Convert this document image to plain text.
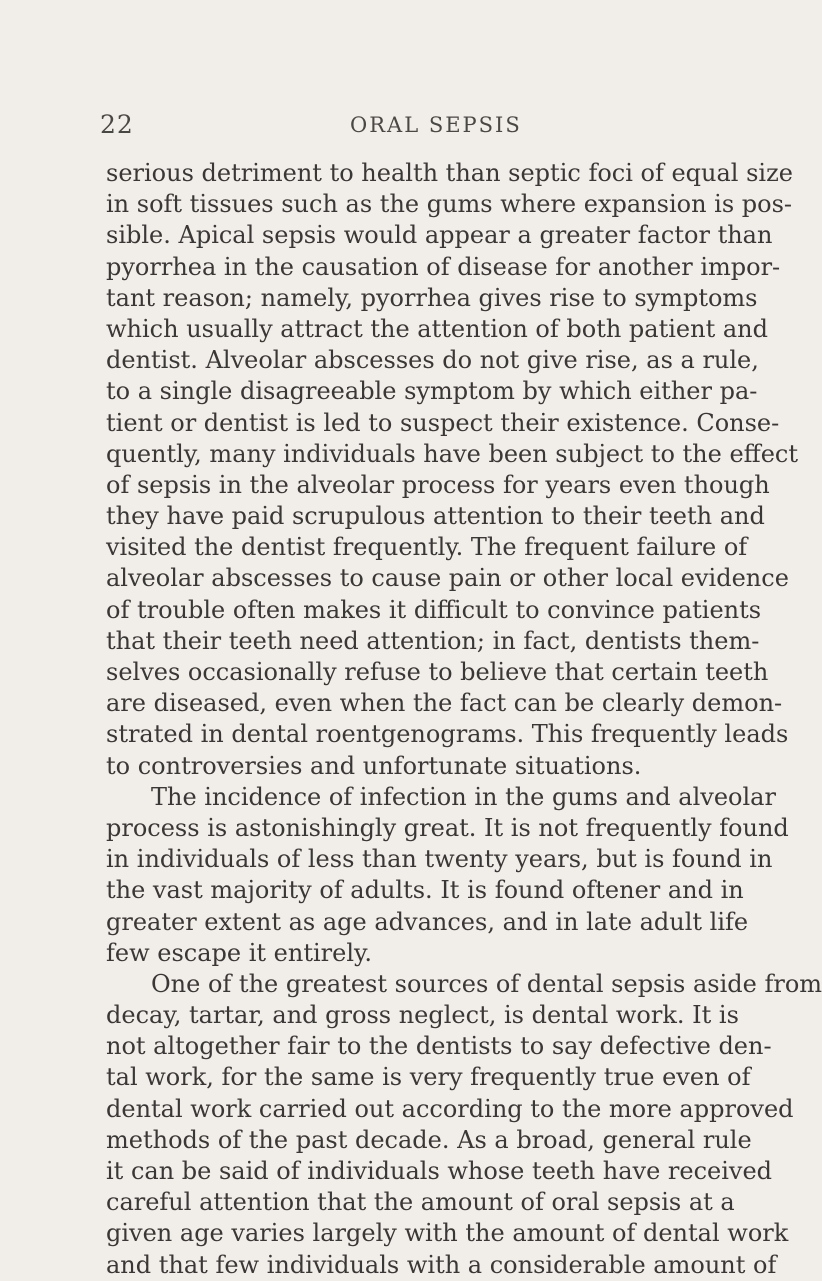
22	ORAL SEPSIS
serious detriment to health than septic foci of equal size
in soft tissues such as the gums where expansion is pos-
sible. Apical sepsis would appear a greater factor than
pyorrhea in the causation of disease for another impor-
tant reason; namely, pyorrhea gives rise to symptoms
which usually attract the attention of both patient and
dentist. Alveolar abscesses do not give rise, as a rule,
to a single disagreeable symptom by which either pa-
tient or dentist is led to suspect their existence. Conse-
quently, many individuals have been subject to the effect
of sepsis in the alveolar process for years even though
they have paid scrupulous attention to their teeth and
visited the dentist frequently. The frequent failure of
alveolar abscesses to cause pain or other local evidence
of trouble often makes it difficult to convince patients
that their teeth need attention; in fact, dentists them-
selves occasionally refuse to believe that certain teeth
are diseased, even when the fact can be clearly demon-
strated in dental roentgenograms. This frequently leads
to controversies and unfortunate situations.
The incidence of infection in the gums and alveolar
process is astonishingly great. It is not frequently found
in individuals of less than twenty years, but is found in
the vast majority of adults. It is found oftener and in
greater extent as age advances, and in late adult life
few escape it entirely.
One of the greatest sources of dental sepsis aside from
decay, tartar, and gross neglect, is dental work. It is
not altogether fair to the dentists to say defective den-
tal work, for the same is very frequently true even of
dental work carried out according to the more approved
methods of the past decade. As a broad, general rule
it can be said of individuals whose teeth have received
careful attention that the amount of oral sepsis at a
given age varies largely with the amount of dental work
and that few individuals with a considerable amount of
